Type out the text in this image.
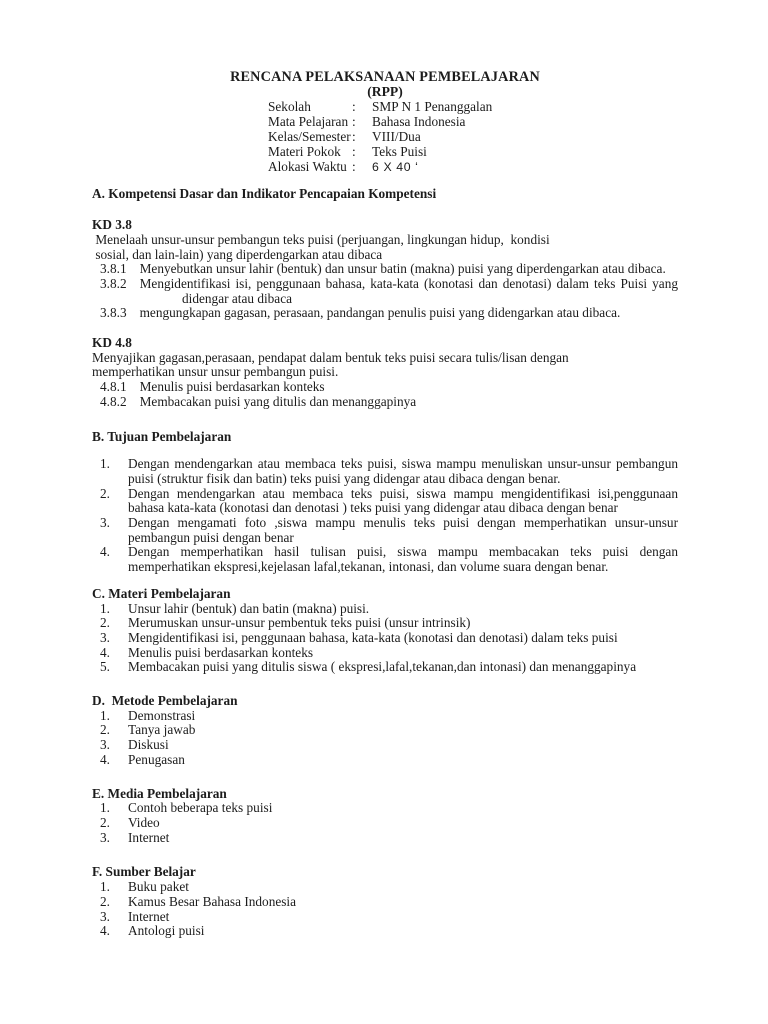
RENCANA PELAKSANAAN PEMBELAJARAN
(RPP)
Sekolah	:	SMP N 1 Penanggalan
Mata Pelajaran :	Bahasa Indonesia
Kelas/Semester :	VIII/Dua
Materi Pokok :	Teks Puisi
Alokasi Waktu :	6 X 40 ʻ
A. Kompetensi Dasar dan Indikator Pencapaian Kompetensi
KD 3.8
Menelaah unsur-unsur pembangun teks puisi (perjuangan, lingkungan hidup,  kondisi
sosial, dan lain-lain) yang diperdengarkan atau dibaca
3.8.1 Menyebutkan unsur lahir (bentuk) dan unsur batin (makna) puisi yang diperdengarkan atau dibaca.
3.8.2 Mengidentifikasi isi, penggunaan bahasa, kata-kata (konotasi dan denotasi) dalam teks Puisi yang didengar atau dibaca
3.8.3 mengungkapan gagasan, perasaan, pandangan penulis puisi yang didengarkan atau dibaca.
KD 4.8
Menyajikan gagasan,perasaan, pendapat dalam bentuk teks puisi secara tulis/lisan dengan
memperhatikan unsur unsur pembangun puisi.
4.8.1 Menulis puisi berdasarkan konteks
4.8.2 Membacakan puisi yang ditulis dan menanggapinya
B. Tujuan Pembelajaran
1.	Dengan mendengarkan atau membaca teks puisi, siswa mampu menuliskan unsur-unsur pembangun puisi (struktur fisik dan batin) teks puisi yang didengar atau dibaca dengan benar.
2.	Dengan mendengarkan atau membaca teks puisi, siswa mampu mengidentifikasi isi,penggunaan bahasa kata-kata (konotasi dan denotasi ) teks puisi yang didengar atau dibaca dengan benar
3.	Dengan mengamati foto ,siswa mampu menulis teks puisi dengan memperhatikan unsur-unsur pembangun puisi dengan benar
4.	Dengan memperhatikan hasil tulisan puisi, siswa mampu membacakan teks puisi dengan memperhatikan ekspresi,kejelasan lafal,tekanan, intonasi, dan volume suara dengan benar.
C. Materi Pembelajaran
1.	Unsur lahir (bentuk) dan batin (makna) puisi.
2.	Merumuskan unsur-unsur pembentuk teks puisi (unsur intrinsik)
3.	Mengidentifikasi isi, penggunaan bahasa, kata-kata (konotasi dan denotasi) dalam teks puisi
4.	Menulis puisi berdasarkan konteks
5.	Membacakan puisi yang ditulis siswa ( ekspresi,lafal,tekanan,dan intonasi) dan menanggapinya
D.  Metode Pembelajaran
1.	Demonstrasi
2.	Tanya jawab
3.	Diskusi
4.	Penugasan
E. Media Pembelajaran
1.	Contoh beberapa teks puisi
2.	Video
3.	Internet
F. Sumber Belajar
1.	Buku paket
2.	Kamus Besar Bahasa Indonesia
3.	Internet
4.	Antologi puisi
